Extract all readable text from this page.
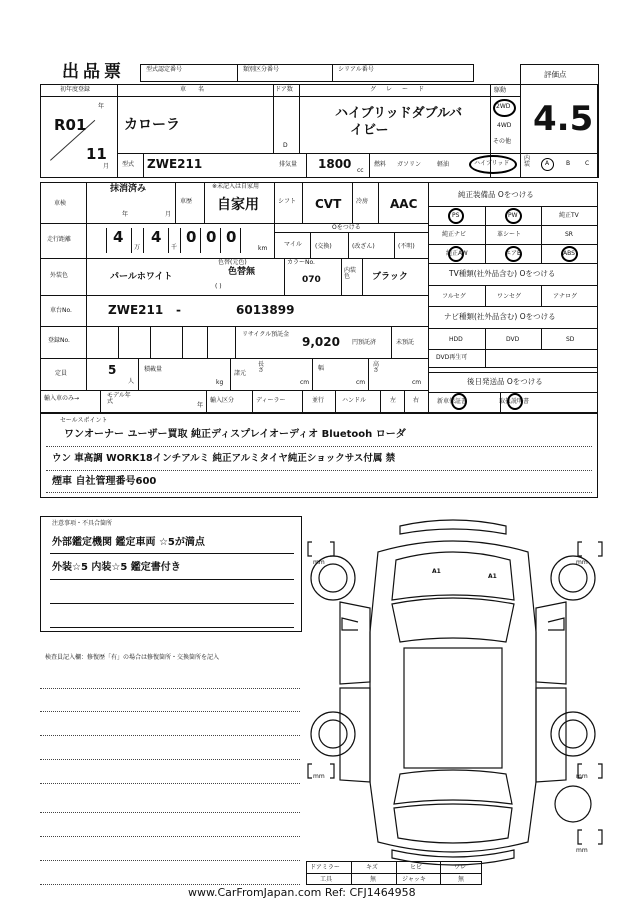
出品票	型式認定番号	類別区分番号	シリアル番号
評価点
4.5
初年度登録
年
月
R01
11
車名
カローラ
ドア数
D
グレード
ハイブリッドダブルバ
イビー
駆動
2WD
4WD
その他
型式 ZWE211	排気量 1800 cc
燃料 ガソリン	軽油	ハイブリッド
内装	A	B C
車検
抹消済み
年	月
車歴
※未記入は自家用
自家用	シフト CVT 冷房 AAC
走行距離	4
万
4
千
0 0 0
km
Oをつける
マイル (交換)	(改ざん)	(不明)
外装色	パールホワイト
色替(元色)
色替無
( )
カラーNo.
070
内装色	ブラック
車台No.	ZWE211 -	6013899
登録No.
リサイクル預託金
9,020 円預託済	未預託
定員	5
人
積載量
kg
諸元
長さ
cm
幅
cm
高さ
cm
輸入車のみ→	モデル年式
年
輸入区分	ディーラー	並行	ハンドル	左	右
純正装備品 Oをつける
PS	PW	純正TV
純正ナビ	革シート	SR
純正AW	エアB	ABS
TV種類(社外品含む) Oをつける
フルセグ	ワンセグ	アナログ
ナビ種類(社外品含む) Oをつける
HDD	DVD	SD
DVD再生可
後日発送品 Oをつける
新車保証書	取扱説明書
セールスポイント
ワンオーナー ユーザー買取 純正ディスプレイオーディオ Bluetooh ローダ
ウン 車高調 WORK18インチアルミ 純正アルミタイヤ純正ショックサス付属 禁
煙車 自社管理番号600
注意事項・不具合箇所
外部鑑定機関 鑑定車両 ☆5が満点
外装☆5 内装☆5 鑑定書付き
検査員記入欄：修復歴「有」の場合は修復箇所・交換箇所を記入
A1
A1
mm	mm
mm	mm
mm
ドアミラー	キズ	ヒビ	ワレ
工具	無	ジャッキ	無
www.CarFromJapan.com Ref: CFJ1464958
